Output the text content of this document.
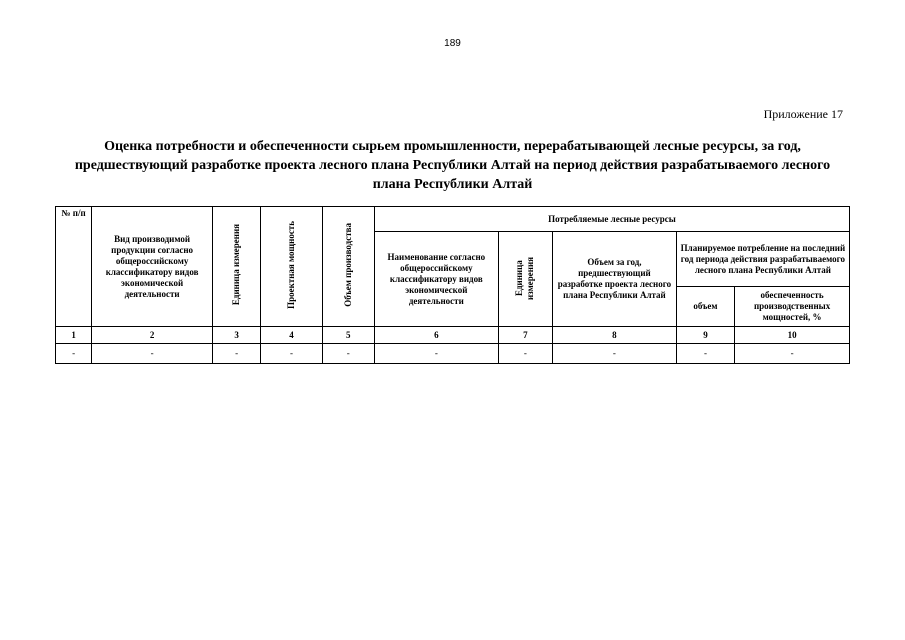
189
Приложение 17
Оценка потребности и обеспеченности сырьем промышленности, перерабатывающей лесные ресурсы, за год, предшествующий разработке проекта лесного плана Республики Алтай на период действия разрабатываемого лесного плана Республики Алтай
№ п/п	Вид производимой продукции согласно общероссийскому классификатору видов экономической деятельности	Единица измерения	Проектная мощность	Объем производства	Потребляемые лесные ресурсы				
					Наименование согласно общероссийскому классификатору видов экономической деятельности	Единица измерения	Объем за год, предшествующий разработке проекта лесного плана Республики Алтай	Планируемое потребление на последний год периода действия разрабатываемого лесного плана Республики Алтай	
								объем	обеспеченность производственных мощностей, %
1	2	3	4	5	6	7	8	9	10
-	-	-	-	-	-	-	-	-	-
